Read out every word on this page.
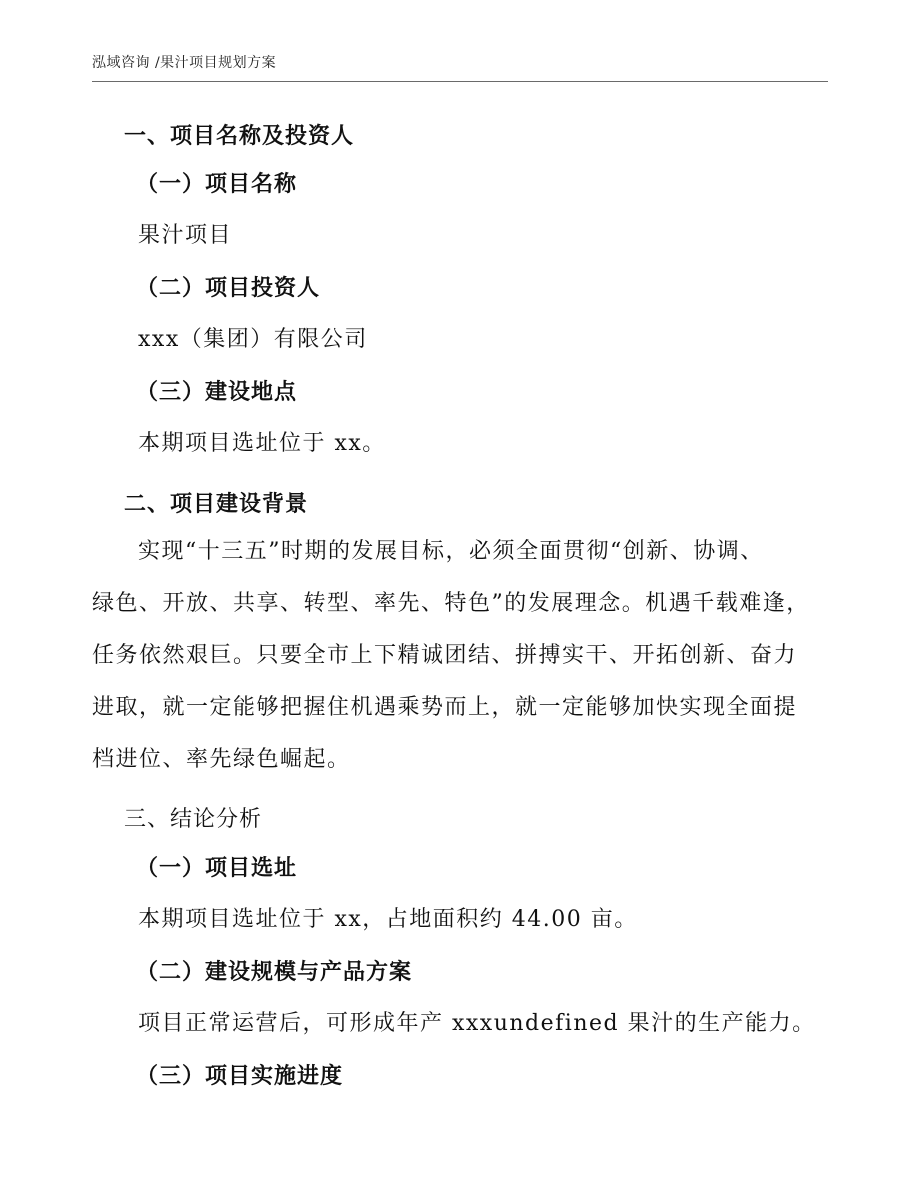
泓域咨询 /果汁项目规划方案
一、项目名称及投资人
（一）项目名称
果汁项目
（二）项目投资人
xxx（集团）有限公司
（三）建设地点
本期项目选址位于 xx。
二、项目建设背景
实现“十三五”时期的发展目标，必须全面贯彻“创新、协调、
绿色、开放、共享、转型、率先、特色”的发展理念。机遇千载难逢，
任务依然艰巨。只要全市上下精诚团结、拼搏实干、开拓创新、奋力
进取，就一定能够把握住机遇乘势而上，就一定能够加快实现全面提
档进位、率先绿色崛起。
三、结论分析
（一）项目选址
本期项目选址位于 xx，占地面积约 44.00 亩。
（二）建设规模与产品方案
项目正常运营后，可形成年产 xxxundefined 果汁的生产能力。
（三）项目实施进度
